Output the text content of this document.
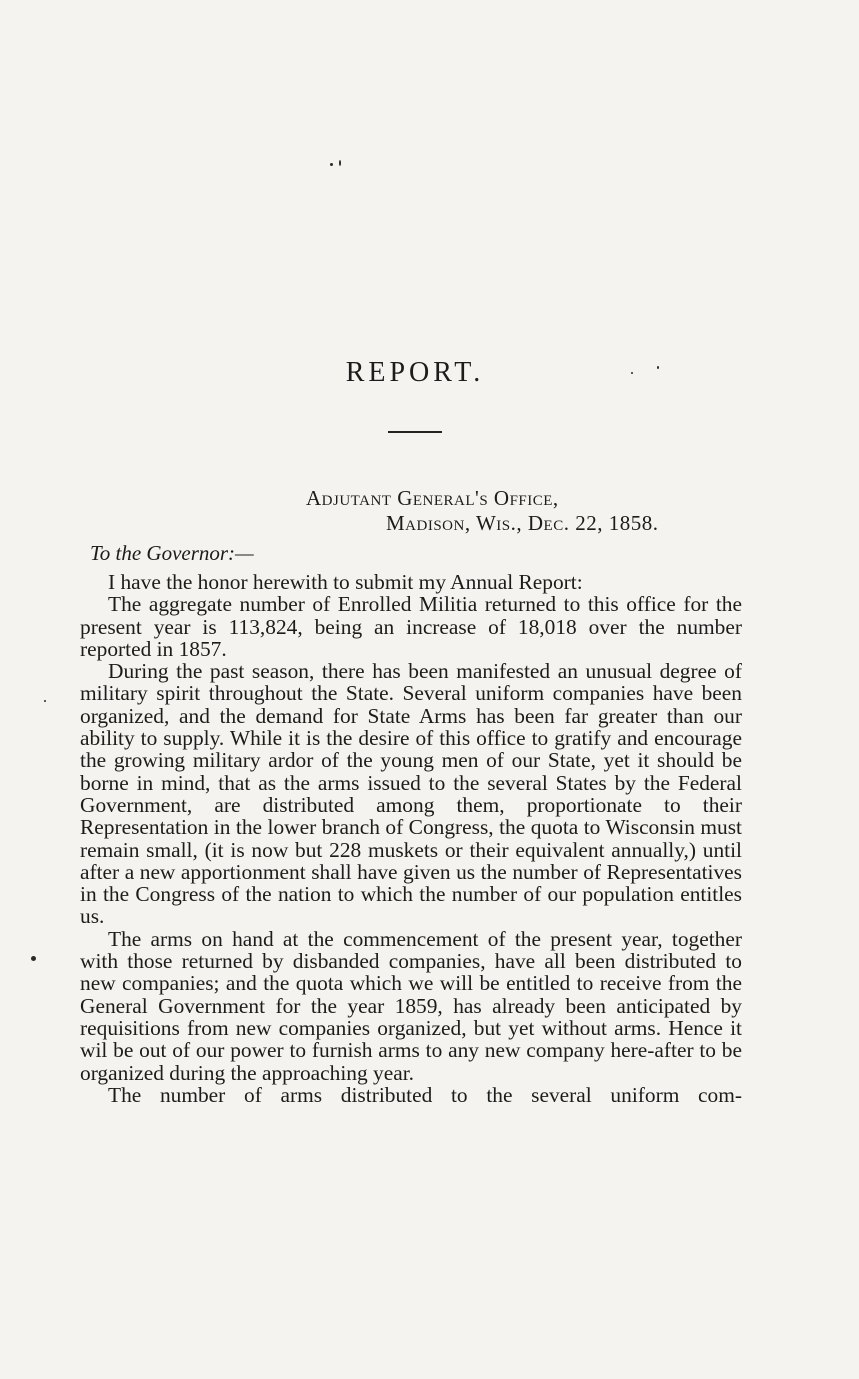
REPORT.

Adjutant General's Office,

Madison, Wis., Dec. 22, 1858.

To the Governor:—

I have the honor herewith to submit my Annual Report:

The aggregate number of Enrolled Militia returned to this office for the present year is 113,824, being an increase of 18,018 over the number reported in 1857.

During the past season, there has been manifested an unusual degree of military spirit throughout the State. Several uniform companies have been organized, and the demand for State Arms has been far greater than our ability to supply. While it is the desire of this office to gratify and encourage the growing military ardor of the young men of our State, yet it should be borne in mind, that as the arms issued to the several States by the Federal Government, are distributed among them, proportionate to their Representation in the lower branch of Congress, the quota to Wisconsin must remain small, (it is now but 228 muskets or their equivalent annually,) until after a new apportionment shall have given us the number of Representatives in the Congress of the nation to which the number of our population entitles us.

The arms on hand at the commencement of the present year, together with those returned by disbanded companies, have all been distributed to new companies; and the quota which we will be entitled to receive from the General Government for the year 1859, has already been anticipated by requisitions from new companies organized, but yet without arms. Hence it wil be out of our power to furnish arms to any new company here-after to be organized during the approaching year.

The number of arms distributed to the several uniform com-
